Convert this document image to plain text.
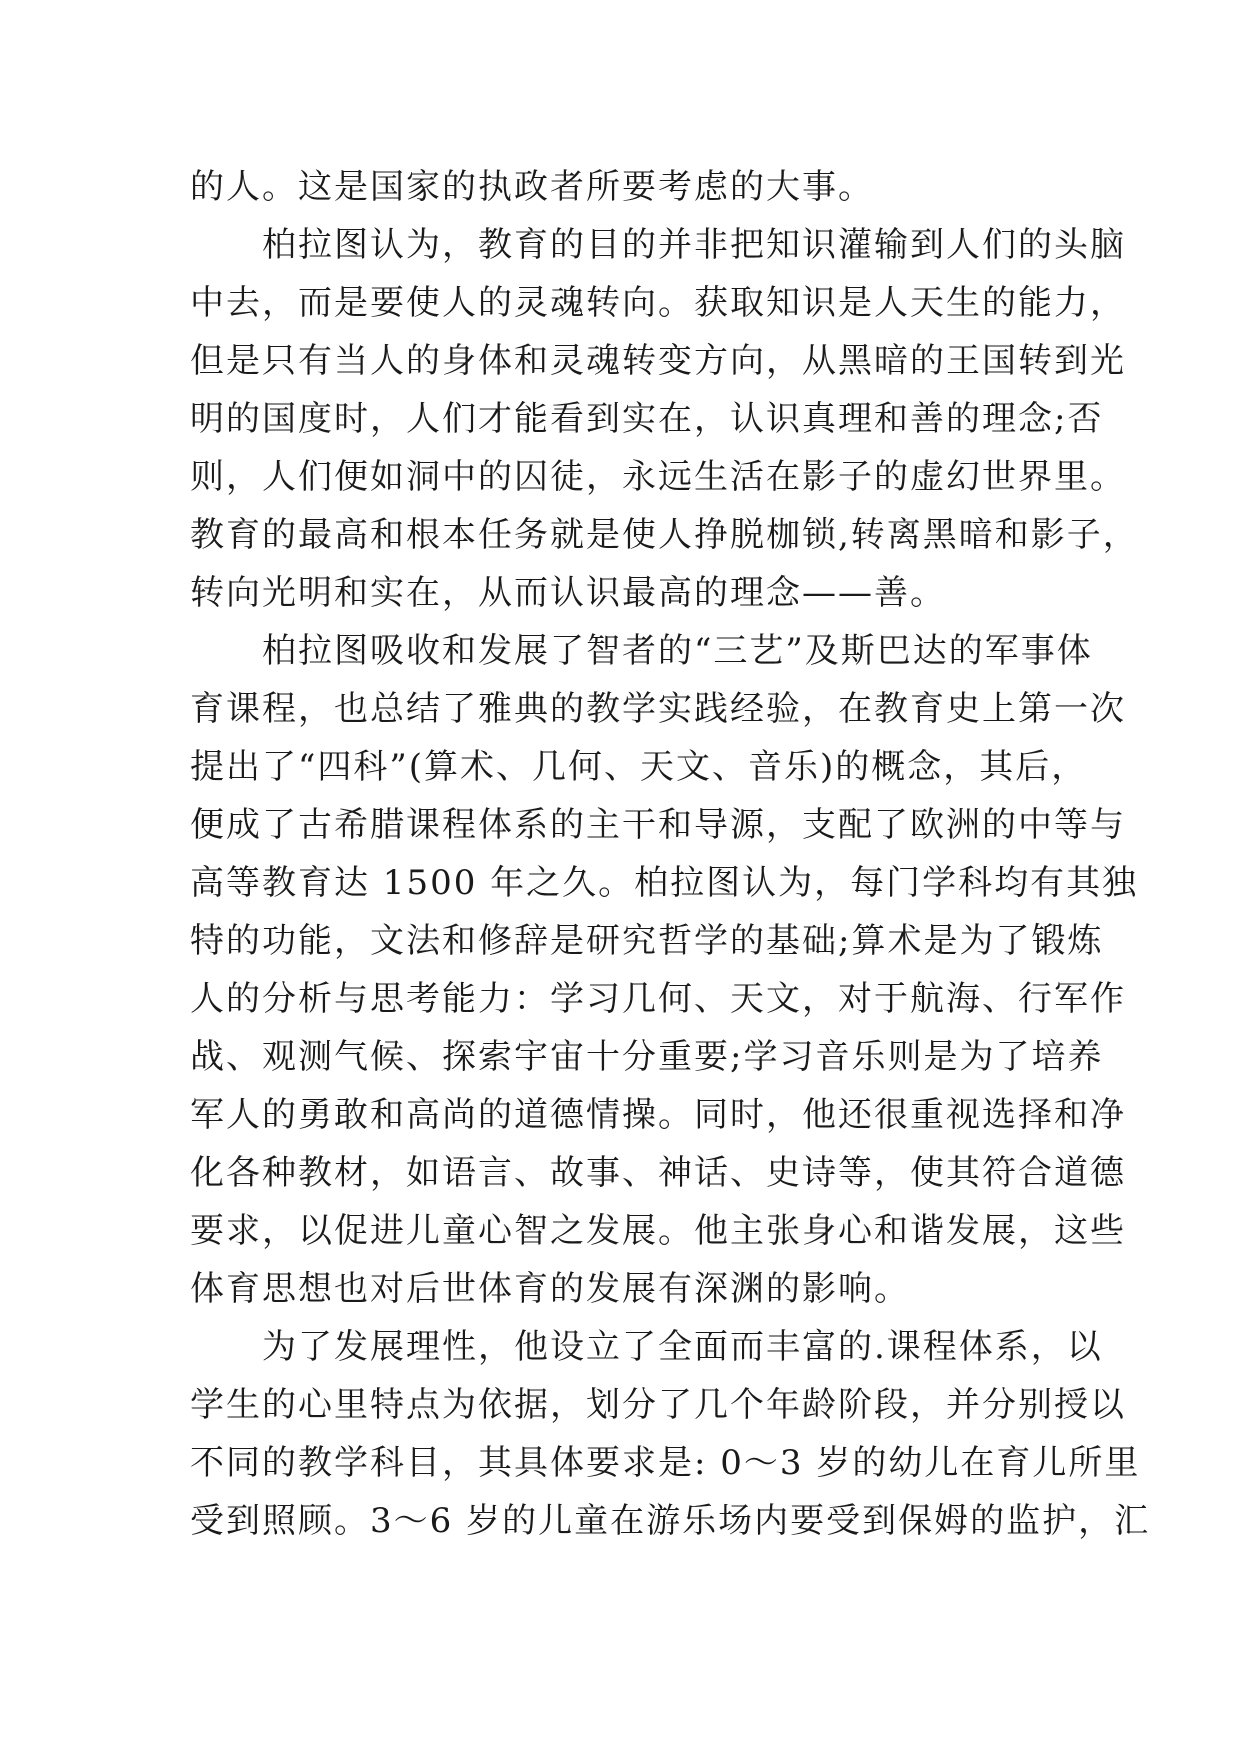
的人。这是国家的执政者所要考虑的大事。
　　柏拉图认为，教育的目的并非把知识灌输到人们的头脑
中去，而是要使人的灵魂转向。获取知识是人天生的能力，
但是只有当人的身体和灵魂转变方向，从黑暗的王国转到光
明的国度时，人们才能看到实在，认识真理和善的理念;否
则，人们便如洞中的囚徒，永远生活在影子的虚幻世界里。
教育的最高和根本任务就是使人挣脱枷锁,转离黑暗和影子，
转向光明和实在，从而认识最高的理念——善。
　　柏拉图吸收和发展了智者的“三艺”及斯巴达的军事体
育课程，也总结了雅典的教学实践经验，在教育史上第一次
提出了“四科”(算术、几何、天文、音乐)的概念，其后，
便成了古希腊课程体系的主干和导源，支配了欧洲的中等与
高等教育达 1500 年之久。柏拉图认为，每门学科均有其独
特的功能，文法和修辞是研究哲学的基础;算术是为了锻炼
人的分析与思考能力：学习几何、天文，对于航海、行军作
战、观测气候、探索宇宙十分重要;学习音乐则是为了培养
军人的勇敢和高尚的道德情操。同时，他还很重视选择和净
化各种教材，如语言、故事、神话、史诗等，使其符合道德
要求，以促进儿童心智之发展。他主张身心和谐发展，这些
体育思想也对后世体育的发展有深渊的影响。
　　为了发展理性，他设立了全面而丰富的.课程体系，以
学生的心里特点为依据，划分了几个年龄阶段，并分别授以
不同的教学科目，其具体要求是: 0～3 岁的幼儿在育儿所里
受到照顾。3～6 岁的儿童在游乐场内要受到保姆的监护，汇
